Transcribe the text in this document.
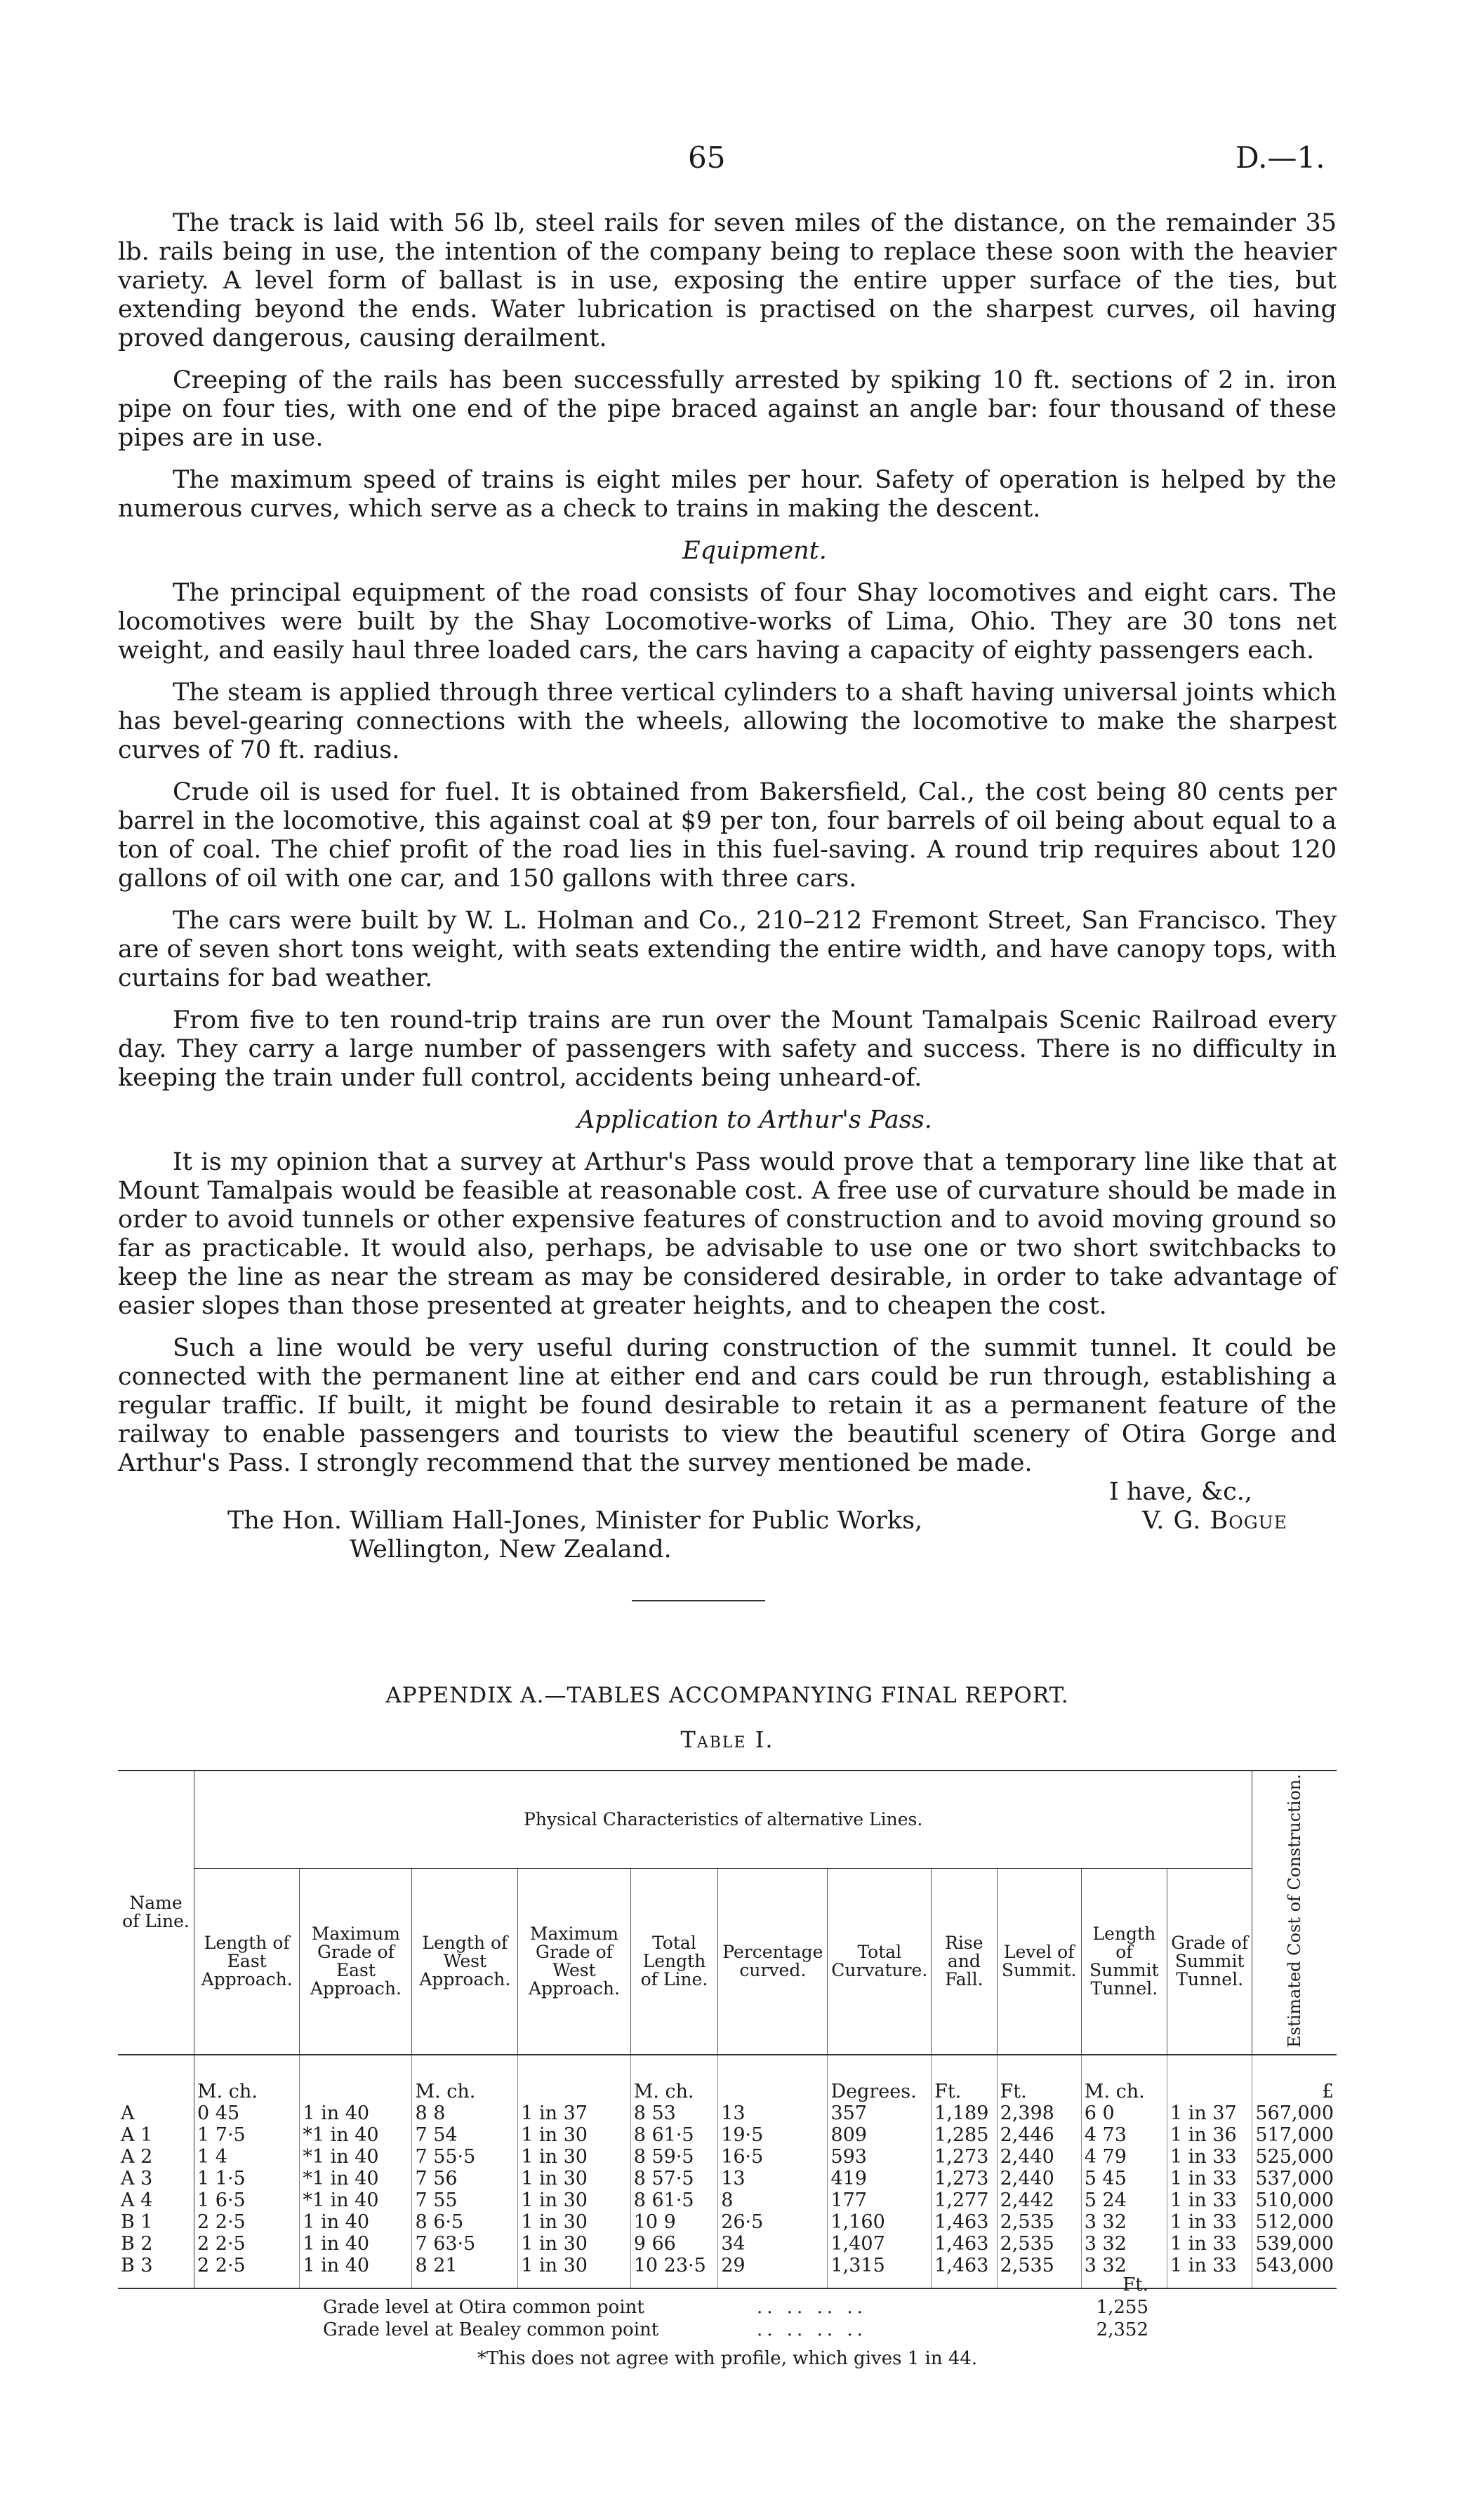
65	D.—1.

The track is laid with 56 lb, steel rails for seven miles of the distance, on the remainder 35 lb. rails being in use, the intention of the company being to replace these soon with the heavier variety. A level form of ballast is in use, exposing the entire upper surface of the ties, but extending beyond the ends. Water lubrication is practised on the sharpest curves, oil having proved dangerous, causing derailment.

Creeping of the rails has been successfully arrested by spiking 10 ft. sections of 2 in. iron pipe on four ties, with one end of the pipe braced against an angle bar: four thousand of these pipes are in use.

The maximum speed of trains is eight miles per hour. Safety of operation is helped by the numerous curves, which serve as a check to trains in making the descent.

Equipment.

The principal equipment of the road consists of four Shay locomotives and eight cars. The locomotives were built by the Shay Locomotive-works of Lima, Ohio. They are 30 tons net weight, and easily haul three loaded cars, the cars having a capacity of eighty passengers each.

The steam is applied through three vertical cylinders to a shaft having universal joints which has bevel-gearing connections with the wheels, allowing the locomotive to make the sharpest curves of 70 ft. radius.

Crude oil is used for fuel. It is obtained from Bakersfield, Cal., the cost being 80 cents per barrel in the locomotive, this against coal at $9 per ton, four barrels of oil being about equal to a ton of coal. The chief profit of the road lies in this fuel-saving. A round trip requires about 120 gallons of oil with one car, and 150 gallons with three cars.

The cars were built by W. L. Holman and Co., 210–212 Fremont Street, San Francisco. They are of seven short tons weight, with seats extending the entire width, and have canopy tops, with curtains for bad weather.

From five to ten round-trip trains are run over the Mount Tamalpais Scenic Railroad every day. They carry a large number of passengers with safety and success. There is no difficulty in keeping the train under full control, accidents being unheard-of.

Application to Arthur's Pass.

It is my opinion that a survey at Arthur's Pass would prove that a temporary line like that at Mount Tamalpais would be feasible at reasonable cost. A free use of curvature should be made in order to avoid tunnels or other expensive features of construction and to avoid moving ground so far as practicable. It would also, perhaps, be advisable to use one or two short switchbacks to keep the line as near the stream as may be considered desirable, in order to take advantage of easier slopes than those presented at greater heights, and to cheapen the cost.

Such a line would be very useful during construction of the summit tunnel. It could be connected with the permanent line at either end and cars could be run through, establishing a regular traffic. If built, it might be found desirable to retain it as a permanent feature of the railway to enable passengers and tourists to view the beautiful scenery of Otira Gorge and Arthur's Pass. I strongly recommend that the survey mentioned be made.

I have, &c.,

The Hon. William Hall-Jones, Minister for Public Works,	V. G. Bogue

Wellington, New Zealand.

APPENDIX A.—TABLES ACCOMPANYING FINAL REPORT.
Table I.
Name of Line.	Physical Characteristics of alternative Lines.											Estimated Cost of Construction.
	Length of East Approach.	Maximum Grade of East Approach.	Length of West Approach.	Maximum Grade of West Approach.	Total Length of Line.	Percentage curved.	Total Curvature.	Rise and Fall.	Level of Summit.	Length of Summit Tunnel.	Grade of Summit Tunnel.	
	M. ch.		M. ch.		M. ch.		Degrees.	Ft.	Ft.	M. ch.		£
A	0 45	1 in 40	8 8	1 in 37	8 53	13	357	1,189	2,398	6 0	1 in 37	567,000
A 1	1 7·5	*1 in 40	7 54	1 in 30	8 61·5	19·5	809	1,285	2,446	4 73	1 in 36	517,000
A 2	1 4	*1 in 40	7 55·5	1 in 30	8 59·5	16·5	593	1,273	2,440	4 79	1 in 33	525,000
A 3	1 1·5	*1 in 40	7 56	1 in 30	8 57·5	13	419	1,273	2,440	5 45	1 in 33	537,000
A 4	1 6·5	*1 in 40	7 55	1 in 30	8 61·5	8	177	1,277	2,442	5 24	1 in 33	510,000
B 1	2 2·5	1 in 40	8 6·5	1 in 30	10 9	26·5	1,160	1,463	2,535	3 32	1 in 33	512,000
B 2	2 2·5	1 in 40	7 63·5	1 in 30	9 66	34	1,407	1,463	2,535	3 32	1 in 33	539,000
B 3	2 2·5	1 in 40	8 21	1 in 30	10 23·5	29	1,315	1,463	2,535	3 32	1 in 33	543,000
Ft.
Grade level at Otira common point	.. .. .. ..	1,255
Grade level at Bealey common point	.. .. .. ..	2,352
*This does not agree with profile, which gives 1 in 44.
